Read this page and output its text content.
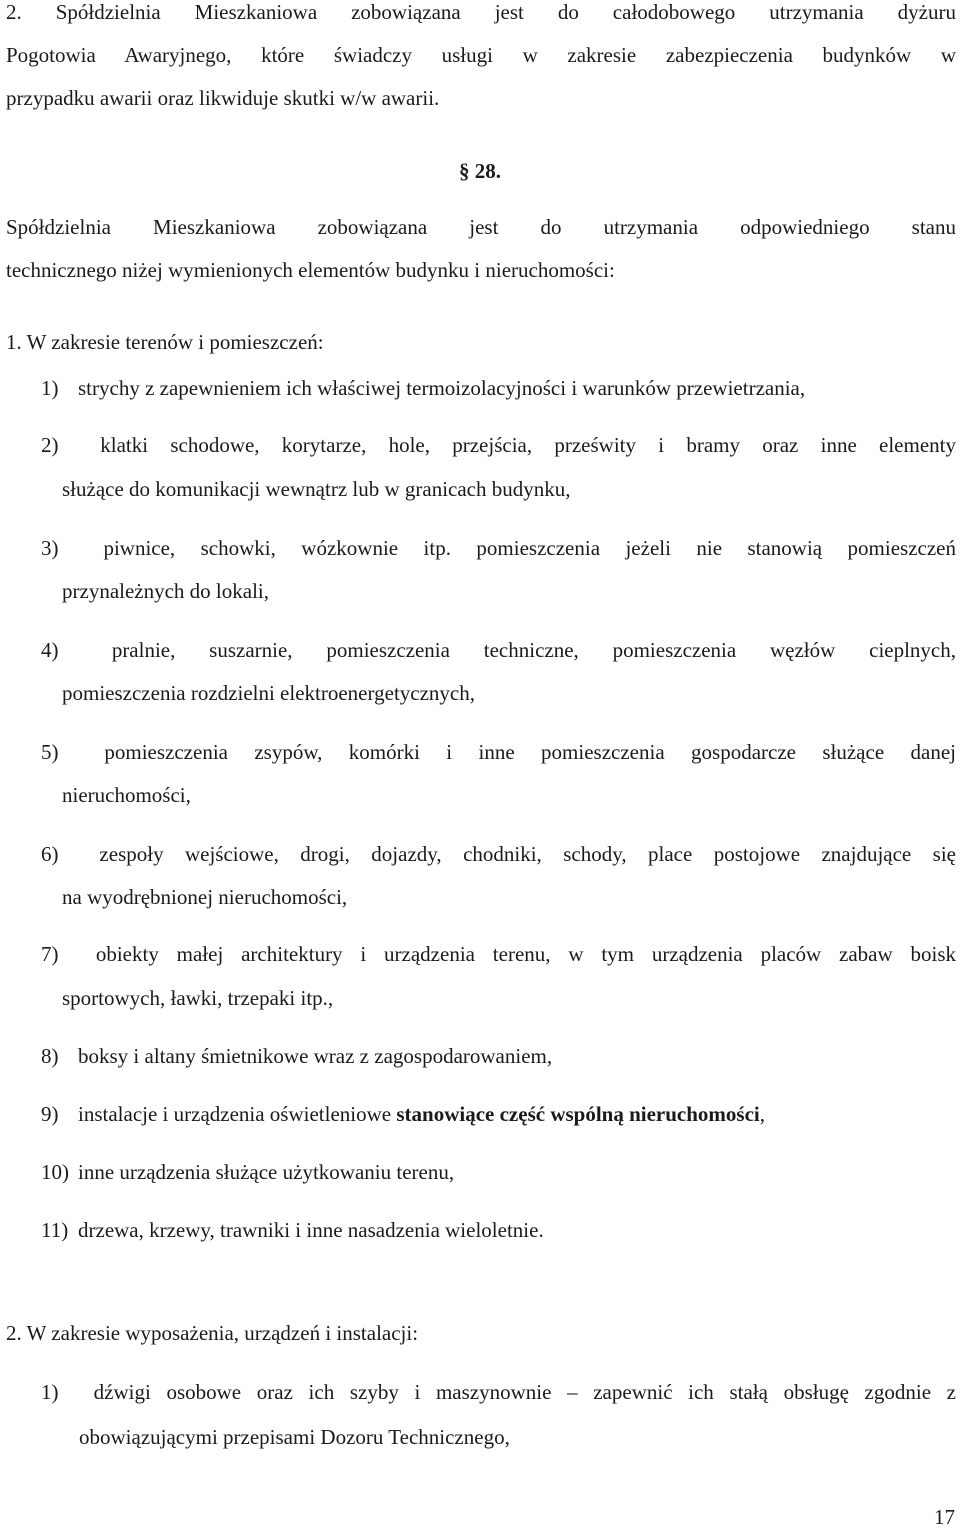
2. Spółdzielnia Mieszkaniowa zobowiązana jest do całodobowego utrzymania dyżuru
Pogotowia Awaryjnego, które świadczy usługi w zakresie zabezpieczenia budynków w
przypadku awarii oraz likwiduje skutki w/w awarii.
§ 28.
Spółdzielnia Mieszkaniowa zobowiązana jest do utrzymania odpowiedniego stanu
technicznego niżej wymienionych elementów budynku i nieruchomości:
1. W zakresie terenów i pomieszczeń:
1) strychy z zapewnieniem ich właściwej termoizolacyjności i warunków przewietrzania,
2) klatki schodowe, korytarze, hole, przejścia, prześwity i bramy oraz inne elementy
służące do komunikacji wewnątrz lub w granicach budynku,
3) piwnice, schowki, wózkownie itp. pomieszczenia jeżeli nie stanowią pomieszczeń
przynależnych do lokali,
4)	pralnie, suszarnie, pomieszczenia techniczne, pomieszczenia węzłów cieplnych,
pomieszczenia rozdzielni elektroenergetycznych,
5) pomieszczenia zsypów, komórki i inne pomieszczenia gospodarcze służące danej
nieruchomości,
6) zespoły wejściowe, drogi, dojazdy, chodniki, schody, place postojowe znajdujące się
na wyodrębnionej nieruchomości,
7) obiekty małej architektury i urządzenia terenu, w tym urządzenia placów zabaw boisk
sportowych, ławki, trzepaki itp.,
8) boksy i altany śmietnikowe wraz z zagospodarowaniem,
9) instalacje i urządzenia oświetleniowe stanowiące część wspólną nieruchomości,
10) inne urządzenia służące użytkowaniu terenu,
11) drzewa, krzewy, trawniki i inne nasadzenia wieloletnie.
2. W zakresie wyposażenia, urządzeń i instalacji:
1) dźwigi osobowe oraz ich szyby i maszynownie – zapewnić ich stałą obsługę zgodnie z
obowiązującymi przepisami Dozoru Technicznego,
17
